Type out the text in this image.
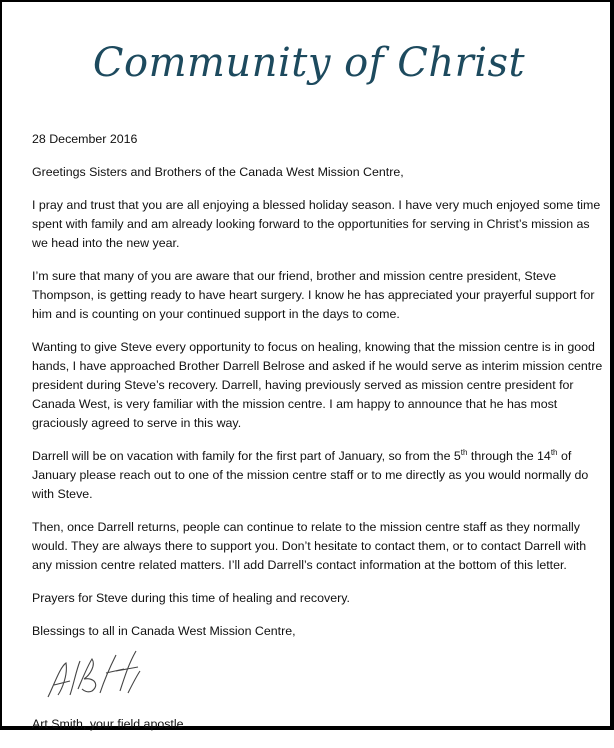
Community of Christ

28 December 2016

Greetings Sisters and Brothers of the Canada West Mission Centre,

I pray and trust that you are all enjoying a blessed holiday season. I have very much enjoyed some time
spent with family and am already looking forward to the opportunities for serving in Christ’s mission as
we head into the new year.

I’m sure that many of you are aware that our friend, brother and mission centre president, Steve
Thompson, is getting ready to have heart surgery. I know he has appreciated your prayerful support for
him and is counting on your continued support in the days to come.

Wanting to give Steve every opportunity to focus on healing, knowing that the mission centre is in good
hands, I have approached Brother Darrell Belrose and asked if he would serve as interim mission centre
president during Steve’s recovery. Darrell, having previously served as mission centre president for
Canada West, is very familiar with the mission centre. I am happy to announce that he has most
graciously agreed to serve in this way.

Darrell will be on vacation with family for the first part of January, so from the 5th through the 14th of
January please reach out to one of the mission centre staff or to me directly as you would normally do
with Steve.

Then, once Darrell returns, people can continue to relate to the mission centre staff as they normally
would. They are always there to support you. Don’t hesitate to contact them, or to contact Darrell with
any mission centre related matters. I’ll add Darrell’s contact information at the bottom of this letter.

Prayers for Steve during this time of healing and recovery.

Blessings to all in Canada West Mission Centre,

Art Smith, your field apostle
